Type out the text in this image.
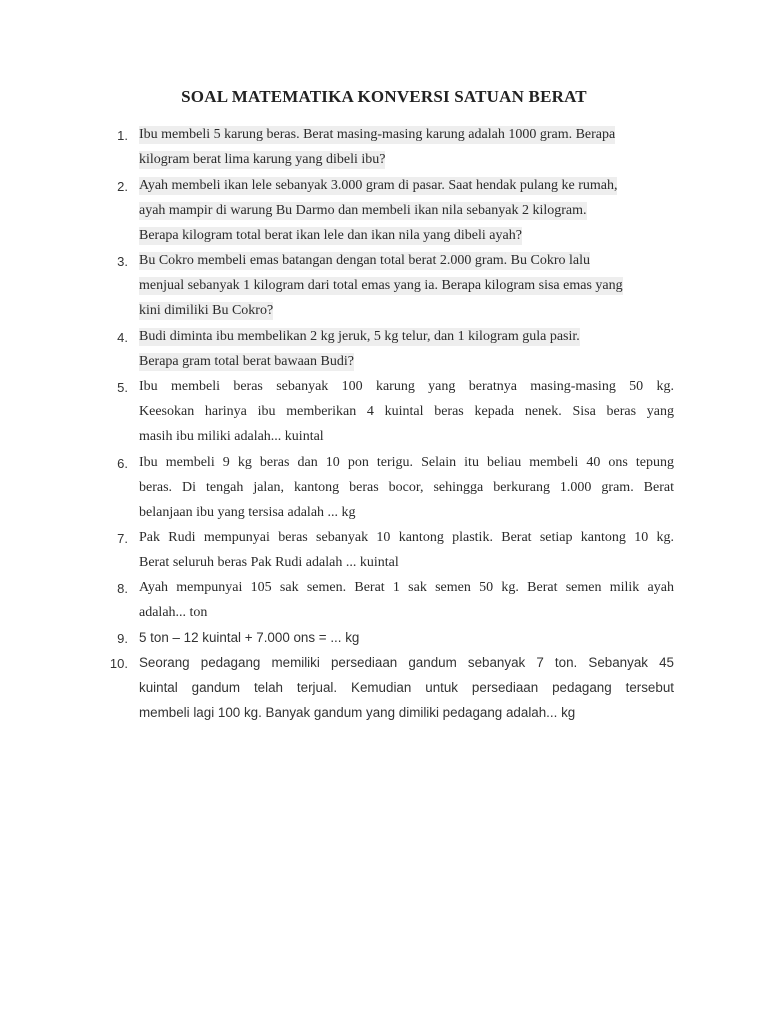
SOAL MATEMATIKA KONVERSI SATUAN BERAT
1. Ibu membeli 5 karung beras. Berat masing-masing karung adalah 1000 gram. Berapa
kilogram berat lima karung yang dibeli ibu?
2. Ayah membeli ikan lele sebanyak 3.000 gram di pasar. Saat hendak pulang ke rumah,
ayah mampir di warung Bu Darmo dan membeli ikan nila sebanyak 2 kilogram.
Berapa kilogram total berat ikan lele dan ikan nila yang dibeli ayah?
3. Bu Cokro membeli emas batangan dengan total berat 2.000 gram. Bu Cokro lalu
menjual sebanyak 1 kilogram dari total emas yang ia. Berapa kilogram sisa emas yang
kini dimiliki Bu Cokro?
4. Budi diminta ibu membelikan 2 kg jeruk, 5 kg telur, dan 1 kilogram gula pasir.
Berapa gram total berat bawaan Budi?
5. Ibu membeli beras sebanyak 100 karung yang beratnya masing-masing 50 kg.
Keesokan harinya ibu memberikan 4 kuintal beras kepada nenek. Sisa beras yang
masih ibu miliki adalah... kuintal
6. Ibu membeli 9 kg beras dan 10 pon terigu. Selain itu beliau membeli 40 ons tepung
beras. Di tengah jalan, kantong beras bocor, sehingga berkurang 1.000 gram. Berat
belanjaan ibu yang tersisa adalah ... kg
7. Pak Rudi mempunyai beras sebanyak 10 kantong plastik. Berat setiap kantong 10 kg.
Berat seluruh beras Pak Rudi adalah ... kuintal
8. Ayah mempunyai 105 sak semen. Berat 1 sak semen 50 kg. Berat semen milik ayah
adalah... ton
9. 5 ton – 12 kuintal + 7.000 ons = ... kg
10. Seorang pedagang memiliki persediaan gandum sebanyak 7 ton. Sebanyak 45
kuintal gandum telah terjual. Kemudian untuk persediaan pedagang tersebut
membeli lagi 100 kg. Banyak gandum yang dimiliki pedagang adalah... kg
